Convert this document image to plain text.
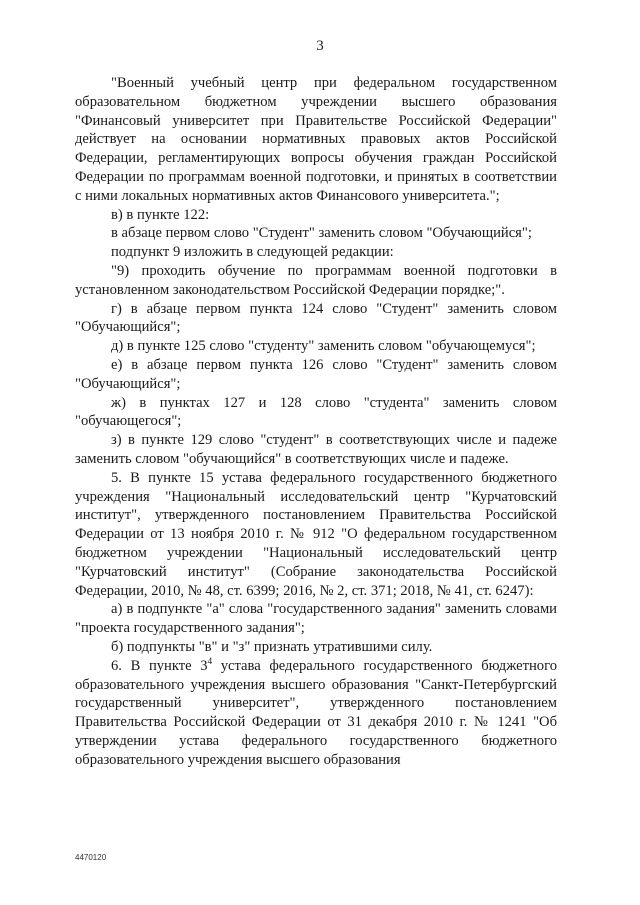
3

"Военный учебный центр при федеральном государственном образовательном бюджетном учреждении высшего образования "Финансовый университет при Правительстве Российской Федерации" действует на основании нормативных правовых актов Российской Федерации, регламентирующих вопросы обучения граждан Российской Федерации по программам военной подготовки, и принятых в соответствии с ними локальных нормативных актов Финансового университета.";

в) в пункте 122:

в абзаце первом слово "Студент" заменить словом "Обучающийся";

подпункт 9 изложить в следующей редакции:

"9) проходить обучение по программам военной подготовки в установленном законодательством Российской Федерации порядке;".

г) в абзаце первом пункта 124 слово "Студент" заменить словом "Обучающийся";

д) в пункте 125 слово "студенту" заменить словом "обучающемуся";

е) в абзаце первом пункта 126 слово "Студент" заменить словом "Обучающийся";

ж) в пунктах 127 и 128 слово "студента" заменить словом "обучающегося";

з) в пункте 129 слово "студент" в соответствующих числе и падеже заменить словом "обучающийся" в соответствующих числе и падеже.

5. В пункте 15 устава федерального государственного бюджетного учреждения "Национальный исследовательский центр "Курчатовский институт", утвержденного постановлением Правительства Российской Федерации от 13 ноября 2010 г. № 912 "О федеральном государственном бюджетном учреждении "Национальный исследовательский центр "Курчатовский институт" (Собрание законодательства Российской Федерации, 2010, № 48, ст. 6399; 2016, № 2, ст. 371; 2018, № 41, ст. 6247):

а) в подпункте "а" слова "государственного задания" заменить словами "проекта государственного задания";

б) подпункты "в" и "з" признать утратившими силу.

6. В пункте $3^4$ устава федерального государственного бюджетного образовательного учреждения высшего образования "Санкт-Петербургский государственный университет", утвержденного постановлением Правительства Российской Федерации от 31 декабря 2010 г. № 1241 "Об утверждении устава федерального государственного бюджетного образовательного учреждения высшего образования

4470120
